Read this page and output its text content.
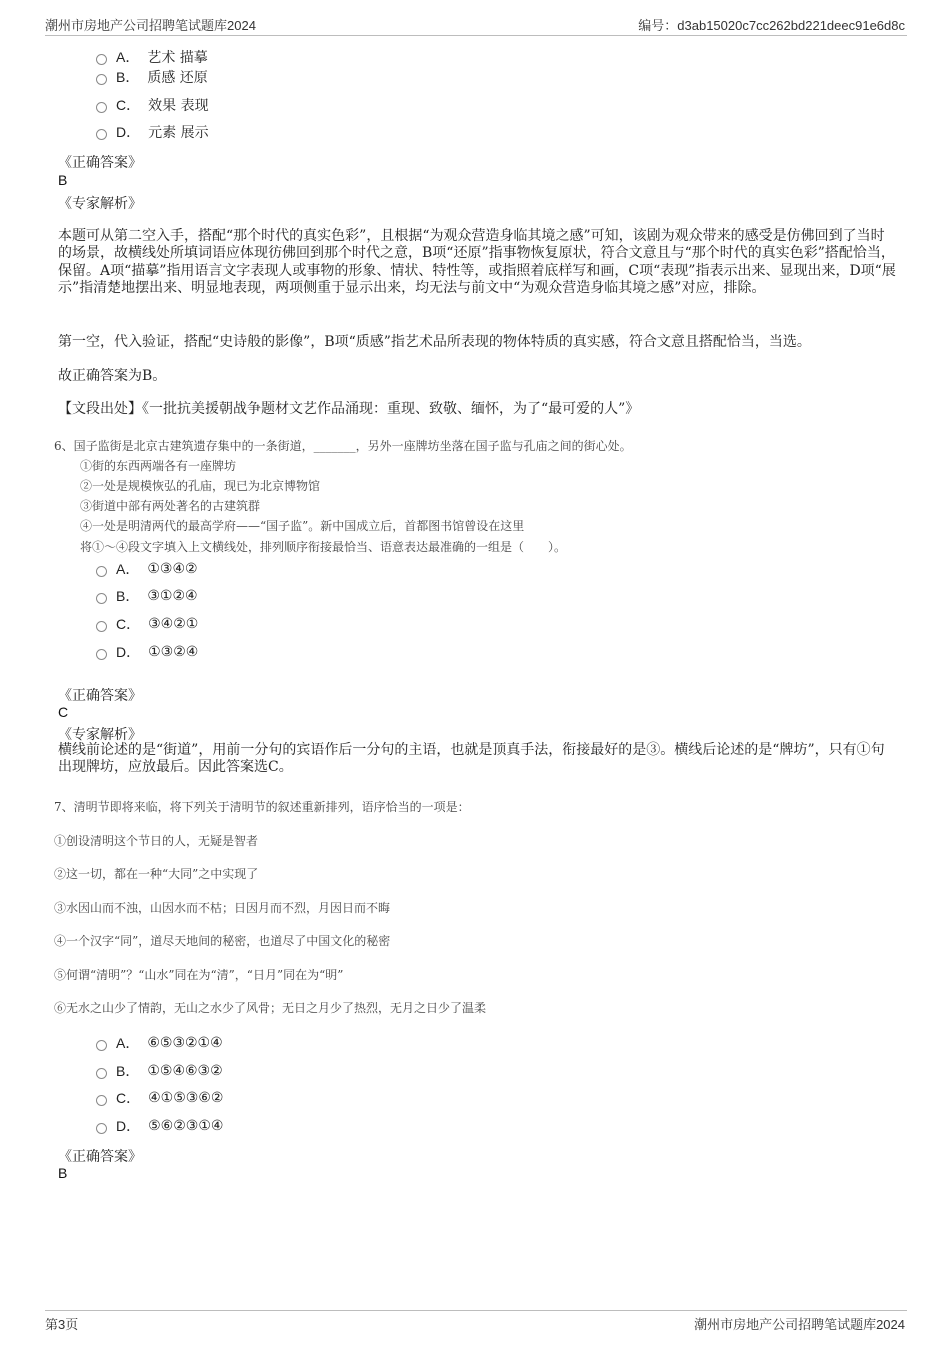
潮州市房地产公司招聘笔试题库2024	编号：d3ab15020c7cc262bd221deec91e6d8c
A． 艺术 描摹
B． 质感 还原
C． 效果 表现
D． 元素 展示
《正确答案》
B
《专家解析》
本题可从第二空入手，搭配“那个时代的真实色彩”，且根据“为观众营造身临其境之感”可知，该剧为观众带来的感受是仿佛回到了当时的场景，故横线处所填词语应体现彷佛回到那个时代之意，B项“还原”指事物恢复原状，符合文意且与“那个时代的真实色彩”搭配恰当，保留。A项“描摹”指用语言文字表现人或事物的形象、情状、特性等，或指照着底样写和画，C项“表现”指表示出来、显现出来，D项“展示”指清楚地摆出来、明显地表现，两项侧重于显示出来，均无法与前文中“为观众营造身临其境之感”对应，排除。
第一空，代入验证，搭配“史诗般的影像”，B项“质感”指艺术品所表现的物体特质的真实感，符合文意且搭配恰当，当选。
故正确答案为B。
【文段出处】《一批抗美援朝战争题材文艺作品涌现：重现、致敬、缅怀，为了“最可爱的人”》
6、国子监街是北京古建筑遗存集中的一条街道，_______，另外一座牌坊坐落在国子监与孔庙之间的街心处。
①街的东西两端各有一座牌坊
②一处是规模恢弘的孔庙，现已为北京博物馆
③街道中部有两处著名的古建筑群
④一处是明清两代的最高学府——“国子监”。新中国成立后，首都图书馆曾设在这里
将①～④段文字填入上文横线处，排列顺序衔接最恰当、语意表达最准确的一组是（　　）。
A． ①③④②
B． ③①②④
C． ③④②①
D． ①③②④
《正确答案》
C
《专家解析》
横线前论述的是“街道”，用前一分句的宾语作后一分句的主语，也就是顶真手法，衔接最好的是③。横线后论述的是“牌坊”，只有①句出现牌坊，应放最后。因此答案选C。
7、清明节即将来临，将下列关于清明节的叙述重新排列，语序恰当的一项是：
①创设清明这个节日的人，无疑是智者
②这一切，都在一种“大同”之中实现了
③水因山而不浊，山因水而不枯；日因月而不烈，月因日而不晦
④一个汉字“同”，道尽天地间的秘密，也道尽了中国文化的秘密
⑤何谓“清明”？“山水”同在为“清”，“日月”同在为“明”
⑥无水之山少了情韵，无山之水少了风骨；无日之月少了热烈，无月之日少了温柔
A． ⑥⑤③②①④
B． ①⑤④⑥③②
C． ④①⑤③⑥②
D． ⑤⑥②③①④
《正确答案》
B
第3页	潮州市房地产公司招聘笔试题库2024
